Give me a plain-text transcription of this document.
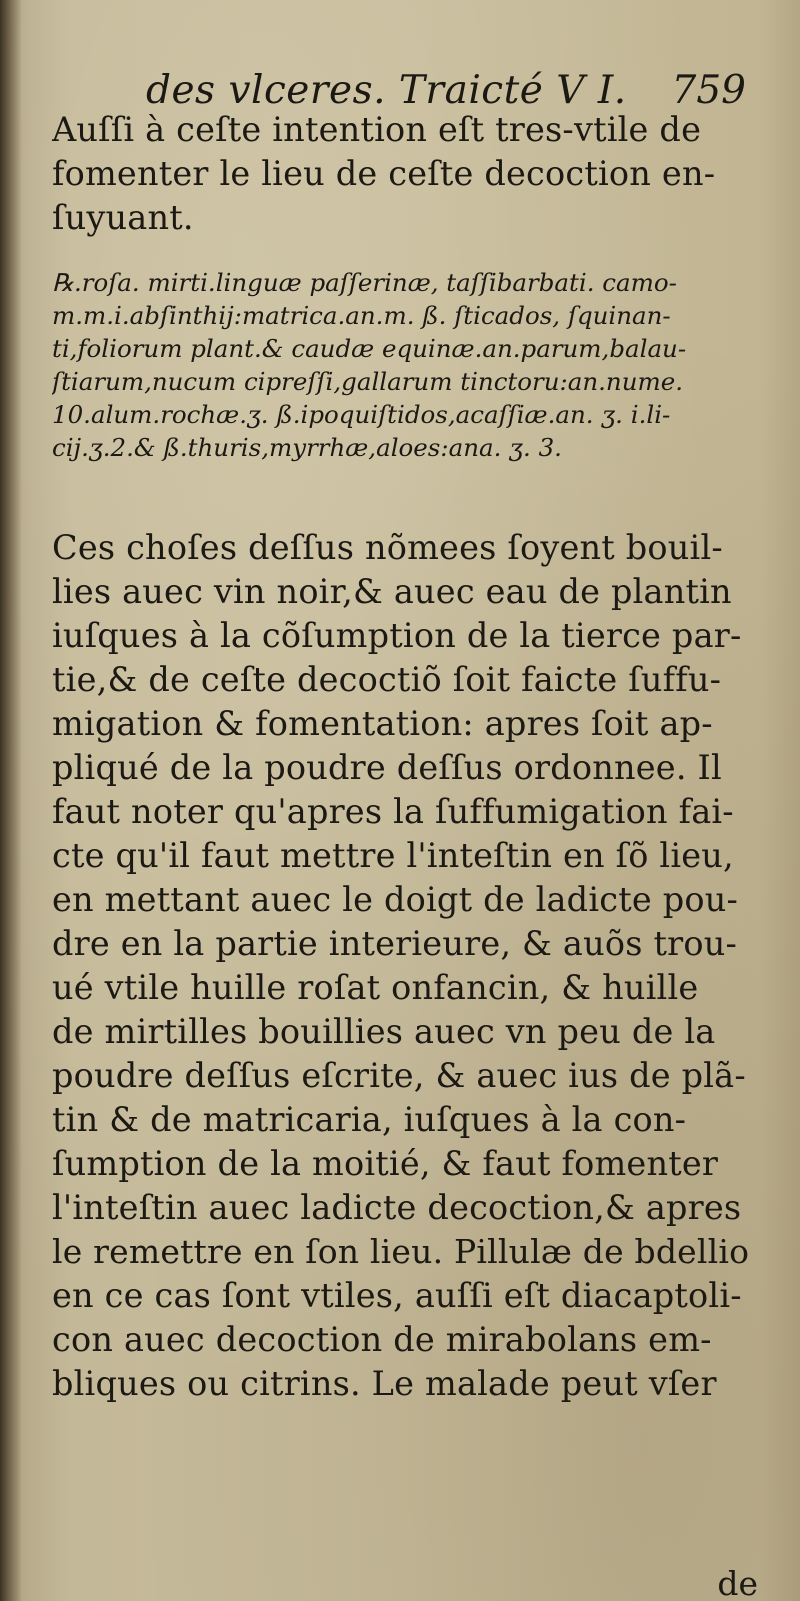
des vlceres. Traicté V I. 759
Auſſi à ceſte intention eſt tres-vtile de
fomenter le lieu de ceſte decoction en-
ſuyuant.
℞.roſa. mirti.linguæ paſſerinæ, taſſibarbati. camo-
m.m.i.abſinthij:matrica.an.m. ß. ſticados, ſquinan-
ti,foliorum plant.& caudæ equinæ.an.parum,balau-
ſtiarum,nucum cipreſſi,gallarum tinctoru:an.nume.
10.alum.rochæ.ʒ. ß.ipoquiſtidos,acaſſiæ.an. ʒ. i.li-
cij.ʒ.2.& ß.thuris,myrrhæ,aloes:ana. ʒ. 3.
Ces choſes deſſus nõmees ſoyent bouil-
lies auec vin noir,& auec eau de plantin
iuſques à la cõſumption de la tierce par-
tie,& de ceſte decoctiõ ſoit faicte ſuffu-
migation & fomentation: apres ſoit ap-
pliqué de la poudre deſſus ordonnee. Il
faut noter qu'apres la ſuffumigation fai-
cte qu'il faut mettre l'inteſtin en ſõ lieu,
en mettant auec le doigt de ladicte pou-
dre en la partie interieure, & auõs trou-
ué vtile huille roſat onfancin, & huille
de mirtilles bouillies auec vn peu de la
poudre deſſus eſcrite, & auec ius de plã-
tin & de matricaria, iuſques à la con-
ſumption de la moitié, & faut fomenter
l'inteſtin auec ladicte decoction,& apres
le remettre en ſon lieu. Pillulæ de bdellio
en ce cas ſont vtiles, auſſi eſt diacaptoli-
con auec decoction de mirabolans em-
bliques ou citrins. Le malade peut vſer
de
